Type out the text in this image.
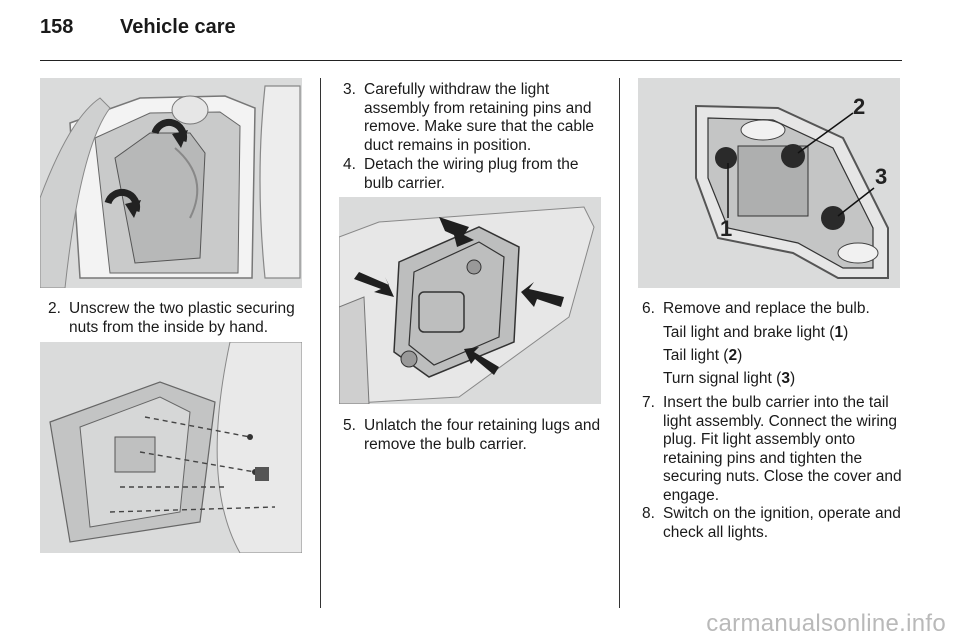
158	Vehicle care
2. Unscrew the two plastic securing nuts from the inside by hand.
3. Carefully withdraw the light assembly from retaining pins and remove. Make sure that the cable duct remains in position.
4. Detach the wiring plug from the bulb carrier.
5. Unlatch the four retaining lugs and remove the bulb carrier.
1
2
3
6. Remove and replace the bulb.
Tail light and brake light (1)
Tail light (2)
Turn signal light (3)
7. Insert the bulb carrier into the tail light assembly. Connect the wiring plug. Fit light assembly onto retaining pins and tighten the securing nuts. Close the cover and engage.
8. Switch on the ignition, operate and check all lights.
carmanualsonline.info
